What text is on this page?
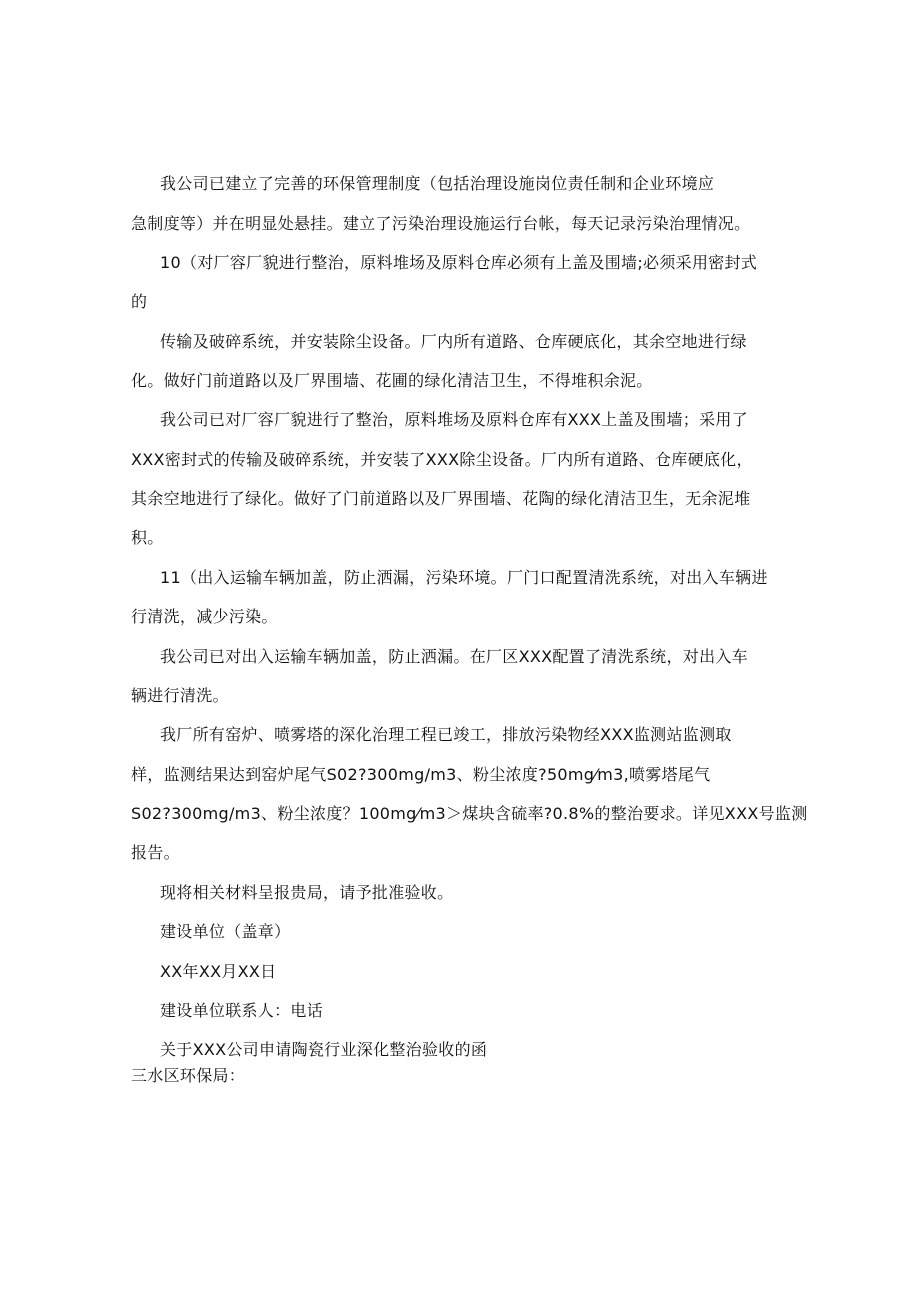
我公司已建立了完善的环保管理制度（包括治理设施岗位责任制和企业环境应
急制度等）并在明显处悬挂。建立了污染治理设施运行台帐，每天记录污染治理情况。
10（对厂容厂貌进行整治，原料堆场及原料仓库必须有上盖及围墙;必须采用密封式
的
传输及破碎系统，并安装除尘设备。厂内所有道路、仓库硬底化，其余空地进行绿
化。做好门前道路以及厂界围墙、花圃的绿化清洁卫生，不得堆积余泥。
我公司已对厂容厂貌进行了整治，原料堆场及原料仓库有XXX上盖及围墙；采用了
XXX密封式的传输及破碎系统，并安装了XXX除尘设备。厂内所有道路、仓库硬底化，
其余空地进行了绿化。做好了门前道路以及厂界围墙、花陶的绿化清洁卫生，无余泥堆
积。
11（出入运输车辆加盖，防止洒漏，污染环境。厂门口配置清洗系统，对出入车辆进
行清洗，减少污染。
我公司已对出入运输车辆加盖，防止洒漏。在厂区XXX配置了清洗系统，对出入车
辆进行清洗。
我厂所有窑炉、喷雾塔的深化治理工程已竣工，排放污染物经XXX监测站监测取
样，监测结果达到窑炉尾气S02?300mg/m3、粉尘浓度?50mg⁄m3,喷雾塔尾气
S02?300mg/m3、粉尘浓度？100mg⁄m3＞煤块含硫率?0.8%的整治要求。详见XXX号监测
报告。
现将相关材料呈报贵局，请予批准验收。
建设单位（盖章）
XX年XX月XX日
建设单位联系人：电话
关于XXX公司申请陶瓷行业深化整治验收的函
三水区环保局：
